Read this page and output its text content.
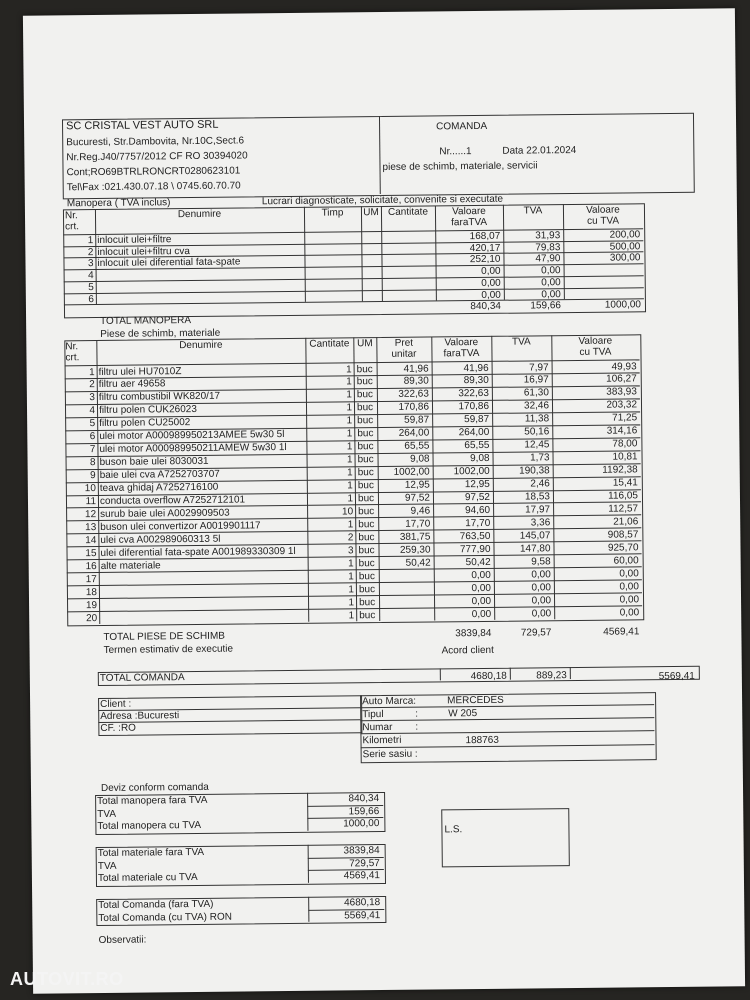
SC CRISTAL VEST AUTO SRL
Bucuresti, Str.Dambovita, Nr.10C,Sect.6
Nr.Reg.J40/7757/2012 CF RO 30394020
Cont;RO69BTRLRONCRT0280623101
Tel\Fax :021.430.07.18 \ 0745.60.70.70
COMANDA
Nr......1	Data 22.01.2024
piese de schimb, materiale, servicii
Manopera ( TVA inclus)	Lucrari diagnosticate, solicitate, convenite si executate
Nr.
crt.
Denumire	Timp	UM Cantitate	Valoare
faraTVA
TVA	Valoare
cu TVA
1 inlocuit ulei+filtre	168,07	31,93	200,00
2 inlocuit ulei+filtru cva	420,17	79,83	500,00
3 inlocuit ulei diferential fata-spate	252,10	47,90	300,00
4	0,00	0,00
5	0,00	0,00
6	0,00	0,00
840,34	159,66	1000,00
TOTAL MANOPERA
Piese de schimb, materiale
Nr.
crt.
Denumire	Cantitate UM	Pret
unitar
Valoare
faraTVA
TVA	Valoare
cu TVA
1 filtru ulei HU7010Z	1 buc	41,96	41,96	7,97	49,93
2 filtru aer 49658	1 buc	89,30	89,30	16,97	106,27
3 filtru combustibil WK820/17	1 buc	322,63	322,63	61,30	383,93
4 filtru polen CUK26023	1 buc	170,86	170,86	32,46	203,32
5 filtru polen CU25002	1 buc	59,87	59,87	11,38	71,25
6 ulei motor A000989950213AMEE 5w30 5l	1 buc	264,00	264,00	50,16	314,16
7 ulei motor A000989950211AMEW 5w30 1l	1 buc	65,55	65,55	12,45	78,00
8 buson baie ulei 8030031	1 buc	9,08	9,08	1,73	10,81
9 baie ulei cva A7252703707	1 buc	1002,00	1002,00	190,38	1192,38
10 teava ghidaj A7252716100	1 buc	12,95	12,95	2,46	15,41
11 conducta overflow A7252712101	1 buc	97,52	97,52	18,53	116,05
12 surub baie ulei A0029909503	10 buc	9,46	94,60	17,97	112,57
13 buson ulei convertizor A0019901117	1 buc	17,70	17,70	3,36	21,06
14 ulei cva A002989060313 5l	2 buc	381,75	763,50	145,07	908,57
15 ulei diferential fata-spate A001989330309 1l	3 buc	259,30	777,90	147,80	925,70
16 alte materiale	1 buc	50,42	50,42	9,58	60,00
17	1 buc	0,00	0,00	0,00
18	1 buc	0,00	0,00	0,00
19	1 buc	0,00	0,00	0,00
20	1 buc	0,00	0,00	0,00
3839,84	729,57	4569,41
TOTAL PIESE DE SCHIMB
Termen estimativ de executie	Acord client
TOTAL COMANDA	4680,18	889,23	5569,41
Client :
Adresa :Bucuresti
CF. :RO
Auto Marca:	MERCEDES
Tipul	:	W 205
Numar :
Kilometri	188763
Serie sasiu :
Deviz conform comanda
Total manopera fara TVA	840,34
TVA	159,66
Total manopera cu TVA	1000,00
Total materiale fara TVA	3839,84
TVA	729,57
Total materiale cu TVA	4569,41
Total Comanda (fara TVA)	4680,18
Total Comanda (cu TVA) RON	5569,41
Observatii:
L.S.
AUTOVIT.RO
